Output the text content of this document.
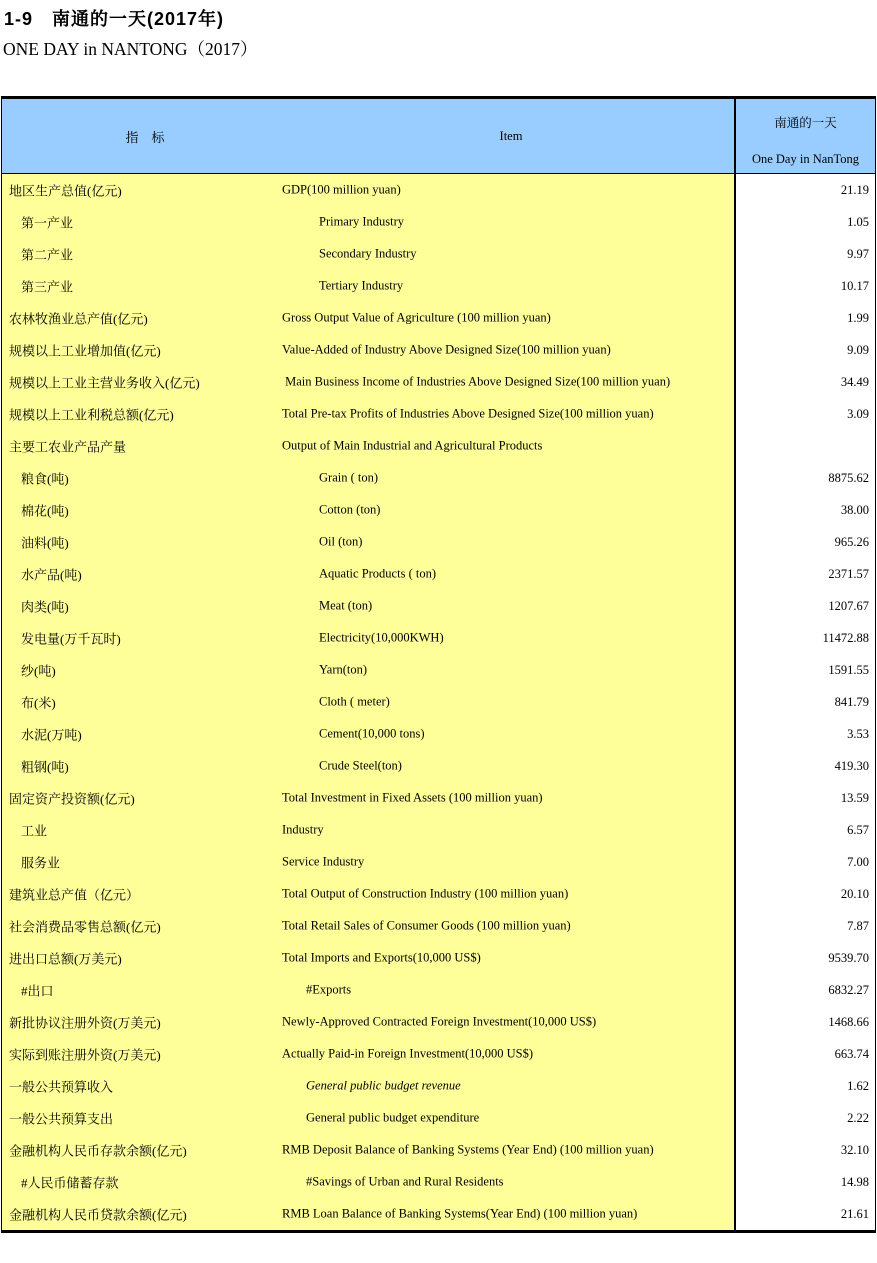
1-9　南通的一天(2017年)
ONE DAY in NANTONG（2017）
指　标	Item
南通的一天
One Day in NanTong
地区生产总值(亿元)	GDP(100 million yuan)	21.19
第一产业	Primary Industry	1.05
第二产业	Secondary Industry	9.97
第三产业	Tertiary Industry	10.17
农林牧渔业总产值(亿元)	Gross Output Value of Agriculture (100 million yuan)	1.99
规模以上工业增加值(亿元)	Value-Added of Industry Above Designed Size(100 million yuan)	9.09
规模以上工业主营业务收入(亿元)	Main Business Income of Industries Above Designed Size(100 million yuan)	34.49
规模以上工业利税总额(亿元)	Total Pre-tax Profits of Industries Above Designed Size(100 million yuan)	3.09
主要工农业产品产量	Output of Main Industrial and Agricultural Products
粮食(吨)	Grain ( ton)	8875.62
棉花(吨)	Cotton (ton)	38.00
油料(吨)	Oil (ton)	965.26
水产品(吨)	Aquatic Products ( ton)	2371.57
肉类(吨)	Meat (ton)	1207.67
发电量(万千瓦时)	Electricity(10,000KWH)	11472.88
纱(吨)	Yarn(ton)	1591.55
布(米)	Cloth ( meter)	841.79
水泥(万吨)	Cement(10,000 tons)	3.53
粗钢(吨)	Crude Steel(ton)	419.30
固定资产投资额(亿元)	Total Investment in Fixed Assets (100 million yuan)	13.59
工业	Industry	6.57
服务业	Service Industry	7.00
建筑业总产值（亿元）	Total Output of Construction Industry (100 million yuan)	20.10
社会消费品零售总额(亿元)	Total Retail Sales of Consumer Goods (100 million yuan)	7.87
进出口总额(万美元)	Total Imports and Exports(10,000 US$)	9539.70
#出口	#Exports	6832.27
新批协议注册外资(万美元)	Newly-Approved Contracted Foreign Investment(10,000 US$)	1468.66
实际到账注册外资(万美元)	Actually Paid-in Foreign Investment(10,000 US$)	663.74
一般公共预算收入	General public budget revenue	1.62
一般公共预算支出	General public budget expenditure	2.22
金融机构人民币存款余额(亿元)	RMB Deposit Balance of Banking Systems (Year End) (100 million yuan)	32.10
#人民币储蓄存款	#Savings of Urban and Rural Residents	14.98
金融机构人民币贷款余额(亿元)	RMB Loan Balance of Banking Systems(Year End) (100 million yuan)	21.61
